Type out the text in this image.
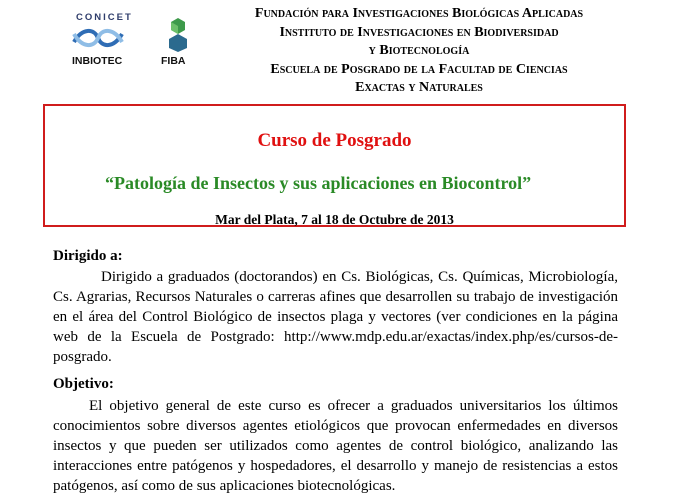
CONICET
INBIOTEC	FIBA
Fundación para Investigaciones Biológicas Aplicadas
Instituto de Investigaciones en Biodiversidad
y Biotecnología
Escuela de Posgrado de la Facultad de Ciencias
Exactas y Naturales
Curso de Posgrado
“Patología de Insectos y sus aplicaciones en Biocontrol”
Mar del Plata, 7 al 18 de Octubre de 2013
Dirigido a:
Dirigido a graduados (doctorandos) en Cs. Biológicas, Cs. Químicas, Microbiología, Cs. Agrarias, Recursos Naturales o carreras afines que desarrollen su trabajo de investigación en el área del Control Biológico de insectos plaga y vectores (ver condiciones en la página web de la Escuela de Postgrado: http://www.mdp.edu.ar/exactas/index.php/es/cursos-de-posgrado.
Objetivo:
El objetivo general de este curso es ofrecer a graduados universitarios los últimos conocimientos sobre diversos agentes etiológicos que provocan enfermedades en diversos insectos y que pueden ser utilizados como agentes de control biológico, analizando las interacciones entre patógenos y hospedadores, el desarrollo y manejo de resistencias a estos patógenos, así como de sus aplicaciones biotecnológicas.
